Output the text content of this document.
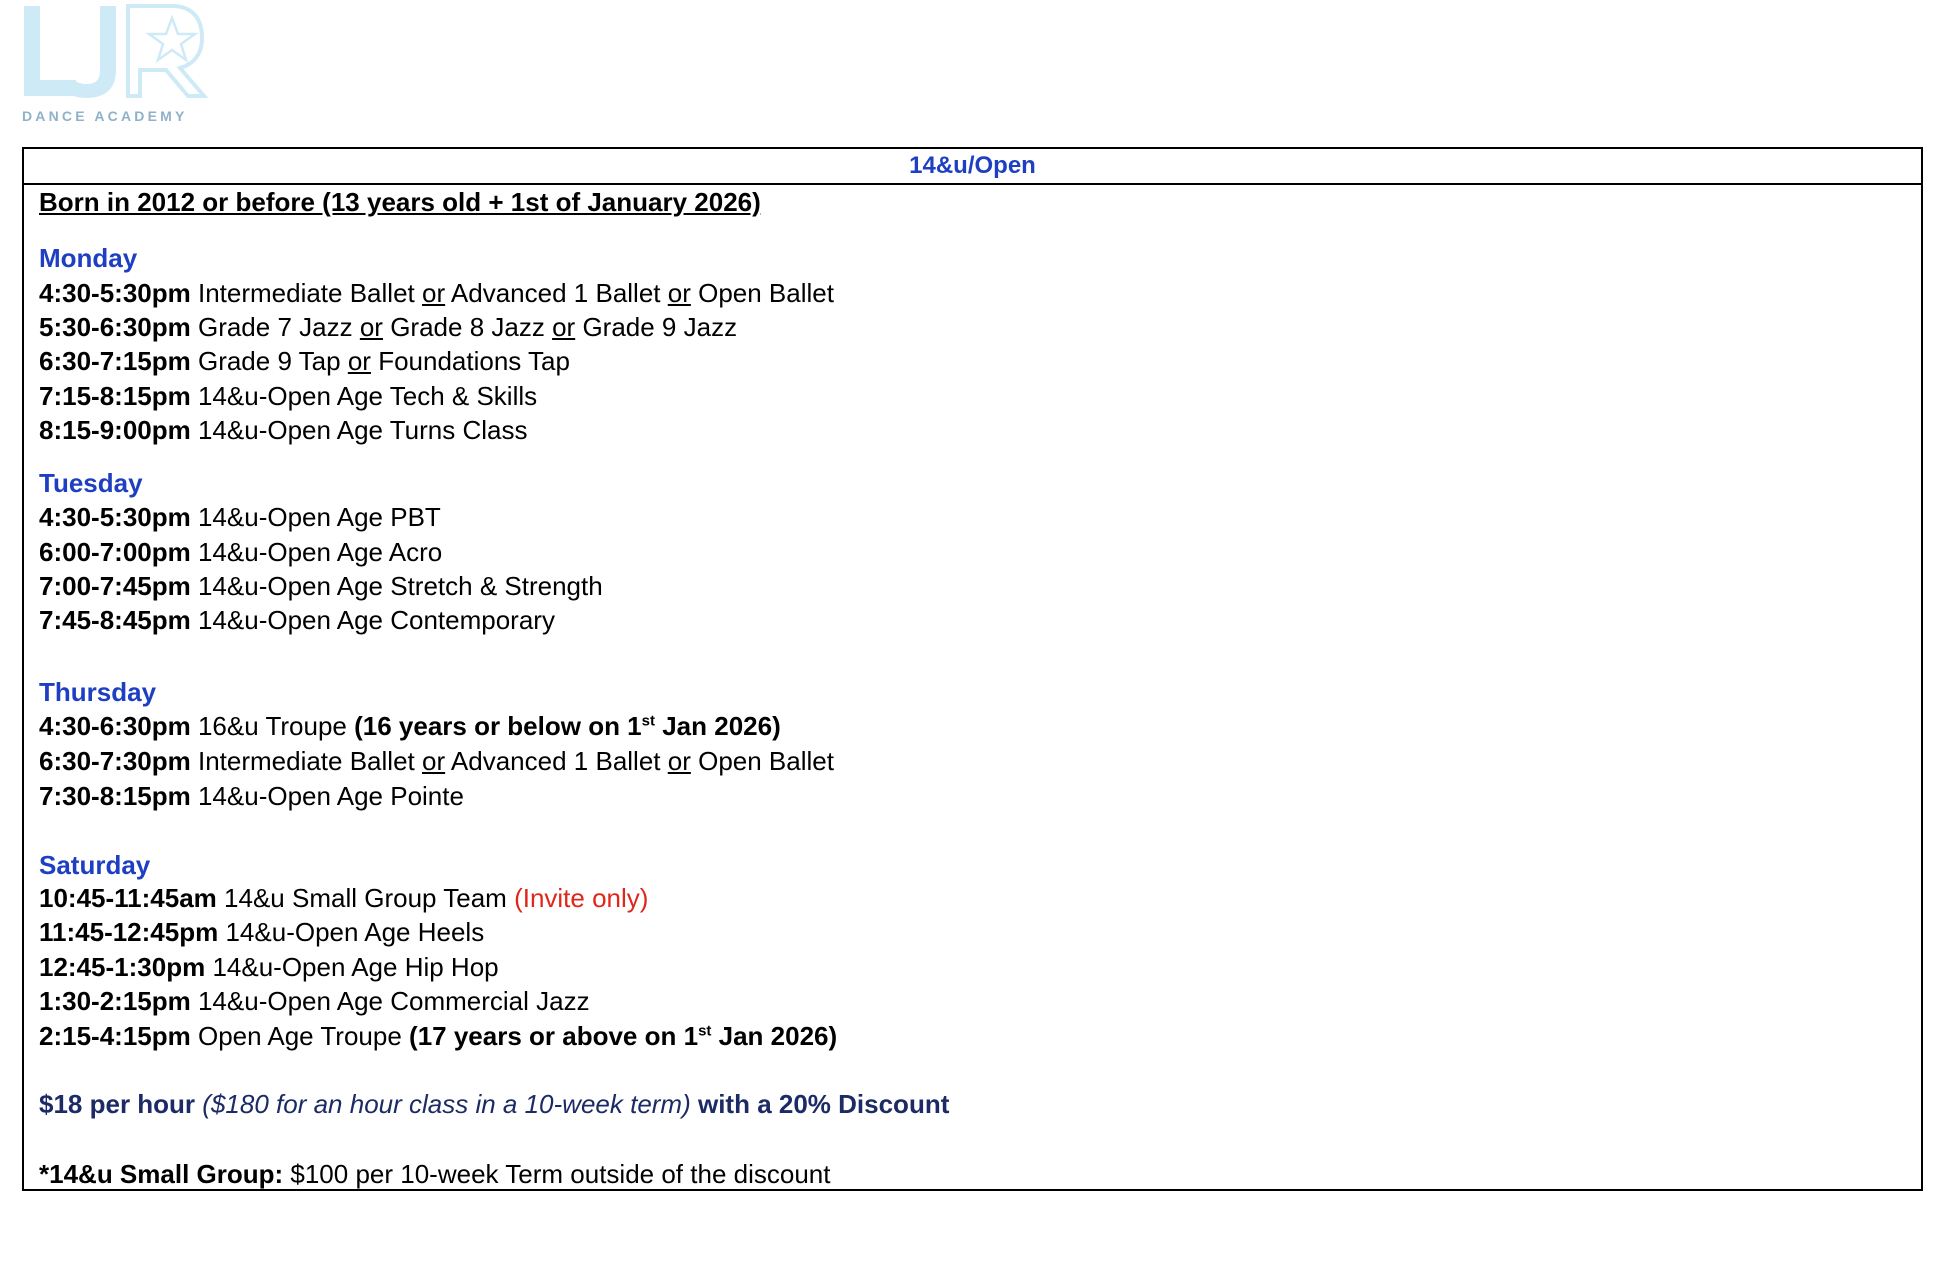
DANCE ACADEMY
14&u/Open
Born in 2012 or before (13 years old + 1st of January 2026)
Monday
4:30-5:30pm Intermediate Ballet or Advanced 1 Ballet or Open Ballet
5:30-6:30pm Grade 7 Jazz or Grade 8 Jazz or Grade 9 Jazz
6:30-7:15pm Grade 9 Tap or Foundations Tap
7:15-8:15pm 14&u-Open Age Tech & Skills
8:15-9:00pm 14&u-Open Age Turns Class
Tuesday
4:30-5:30pm 14&u-Open Age PBT
6:00-7:00pm 14&u-Open Age Acro
7:00-7:45pm 14&u-Open Age Stretch & Strength
7:45-8:45pm 14&u-Open Age Contemporary
Thursday
4:30-6:30pm 16&u Troupe (16 years or below on 1st Jan 2026)
6:30-7:30pm Intermediate Ballet or Advanced 1 Ballet or Open Ballet
7:30-8:15pm 14&u-Open Age Pointe
Saturday
10:45-11:45am 14&u Small Group Team (Invite only)
11:45-12:45pm 14&u-Open Age Heels
12:45-1:30pm 14&u-Open Age Hip Hop
1:30-2:15pm 14&u-Open Age Commercial Jazz
2:15-4:15pm Open Age Troupe (17 years or above on 1st Jan 2026)
$18 per hour ($180 for an hour class in a 10-week term) with a 20% Discount
*14&u Small Group: $100 per 10-week Term outside of the discount
